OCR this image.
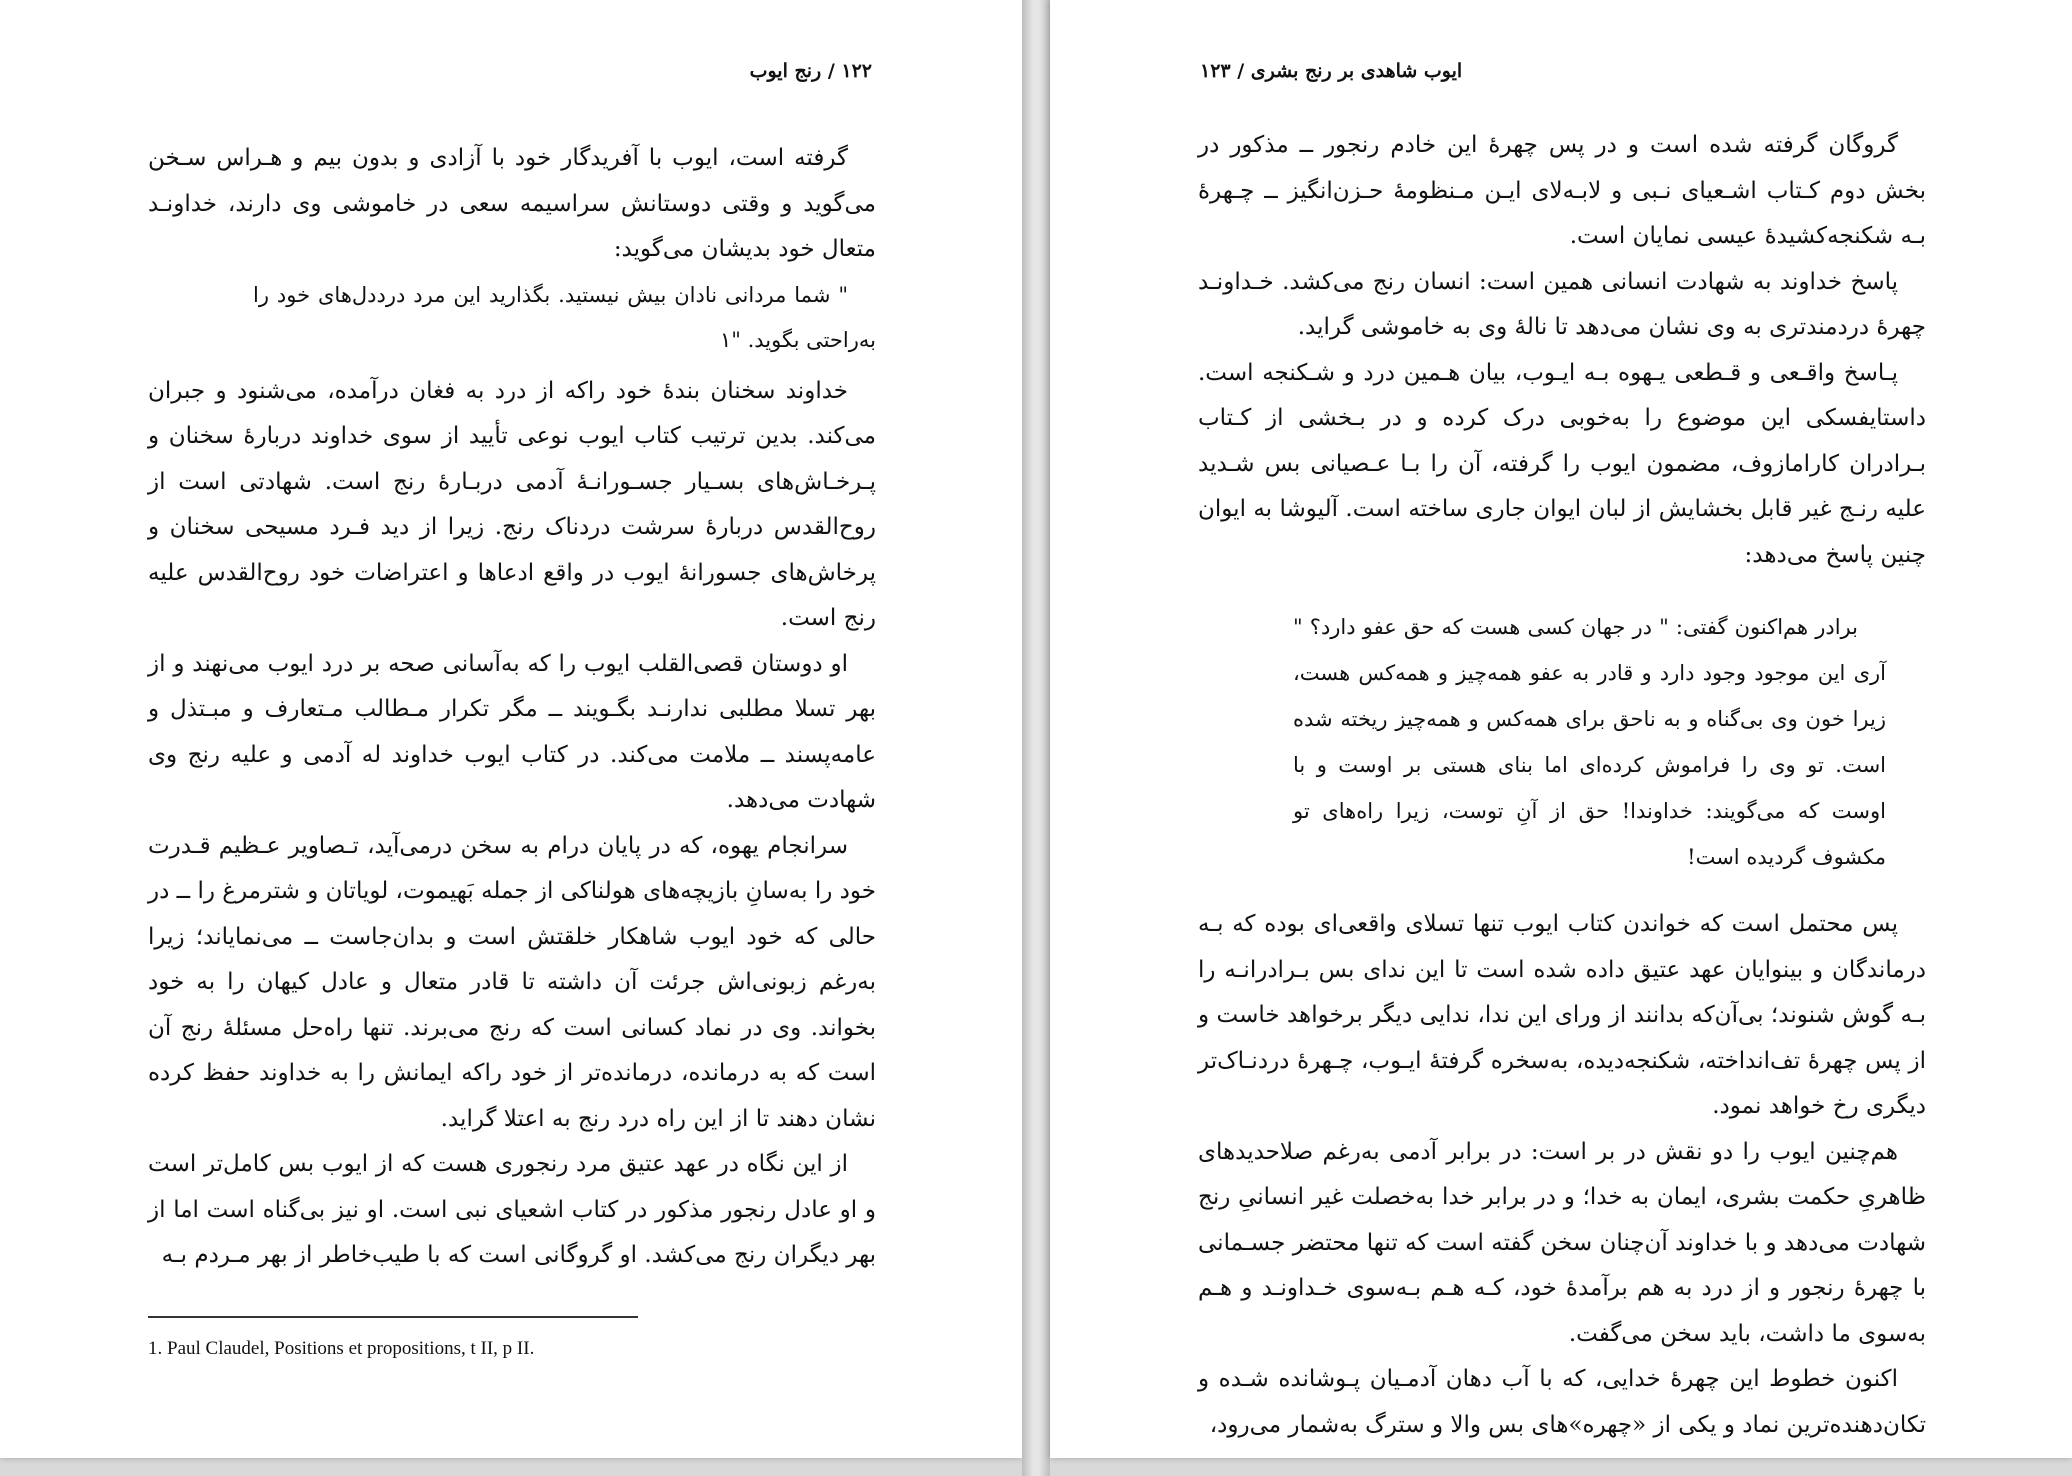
۱۲۲ / رنج ایوب

گرفته است، ایوب با آفریدگار خود با آزادی و بدون بیم و هـراس سـخن می‌گوید و وقتی دوستانش سراسیمه سعی در خاموشی وی دارند، خداونـد متعال خود بدیشان می‌گوید:

" شما مردانی نادان بیش نیستید. بگذارید این مرد درددل‌های خود را به‌راحتی بگوید. "۱

خداوند سخنان بندهٔ خود راکه از درد به فغان درآمده، می‌شنود و جبران می‌کند. بدین ترتیب کتاب ایوب نوعی تأیید از سوی خداوند دربارهٔ سخنان و پـرخـاش‌های بسـیار جسـورانـهٔ آدمی دربـارهٔ رنج است. شهادتی است از روح‌القدس دربارهٔ سرشت دردناک رنج. زیرا از دید فـرد مسیحی سخنان و پرخاش‌های جسورانهٔ ایوب در واقع ادعاها و اعتراضات خود روح‌القدس علیه رنج است.

او دوستان قصی‌القلب ایوب را که به‌آسانی صحه بر درد ایوب می‌نهند و از بهر تسلا مطلبی ندارنـد بگـویند ــ مگر تکرار مـطالب مـتعارف و مبـتذل و عامه‌پسند ــ ملامت می‌کند. در کتاب ایوب خداوند له آدمی و علیه رنج وی شهادت می‌دهد.

سرانجام یهوه، که در پایان درام به سخن درمی‌آید، تـصاویر عـظیم قـدرت خود را به‌سانِ بازیچه‌های هولناکی از جمله بَهیموت، لویاتان و شترمرغ را ــ در حالی که خود ایوب شاهکار خلقتش است و بدان‌جاست ــ می‌نمایاند؛ زیرا به‌رغم زبونی‌اش جرئت آن داشته تا قادر متعال و عادل کیهان را به خود بخواند. وی در نماد کسانی است که رنج می‌برند. تنها راه‌حل مسئلهٔ رنج آن است که به درمانده، درمانده‌تر از خود راکه ایمانش را به خداوند حفظ کرده نشان دهند تا از این راه درد رنج به اعتلا گراید.

از این نگاه در عهد عتیق مرد رنجوری هست که از ایوب بس کامل‌تر است و او عادل رنجور مذکور در کتاب اشعیای نبی است. او نیز بی‌گناه است اما از بهر دیگران رنج می‌کشد. او گروگانی است که با طیب‌خاطر از بهر مـردم بـه

1. Paul Claudel, Positions et propositions, t II, p II.
ایوب شاهدی بر رنج بشری / ۱۲۳

گروگان گرفته شده است و در پس چهرهٔ این خادم رنجور ــ مذکور در بخش دوم کـتاب اشـعیای نـبی و لابـه‌لای ایـن مـنظومهٔ حـزن‌انگیز ــ چـهرهٔ بـه شکنجه‌کشیدهٔ عیسی نمایان است.

پاسخ خداوند به شهادت انسانی همین است: انسان رنج می‌کشد. خـداونـد چهرهٔ دردمندتری به وی نشان می‌دهد تا نالهٔ وی به خاموشی گراید.

پـاسخ واقـعی و قـطعی یـهوه بـه ایـوب، بیان هـمین درد و شـکنجه است. داستایفسکی این موضوع را به‌خوبی درک کرده و در بـخشی از کـتاب بـرادران کارامازوف، مضمون ایوب را گرفته، آن را بـا عـصیانی بس شـدید علیه رنـج غیر قابل بخشایش از لبان ایوان جاری ساخته است. آلیوشا به ایوان چنین پاسخ می‌دهد:

برادر هم‌اکنون گفتی: " در جهان کسی هست که حق عفو دارد؟ " آری این موجود وجود دارد و قادر به عفو همه‌چیز و همه‌کس هست، زیرا خون وی بی‌گناه و به ناحق برای همه‌کس و همه‌چیز ریخته شده است. تو وی را فراموش کرده‌ای اما بنای هستی بر اوست و با اوست که می‌گویند: خداوندا! حق از آنِ توست، زیرا راه‌های تو مکشوف گردیده است!

پس محتمل است که خواندن کتاب ایوب تنها تسلای واقعی‌ای بوده که بـه درماندگان و بینوایان عهد عتیق داده شده است تا این ندای بس بـرادرانـه را بـه گوش شنوند؛ بی‌آن‌که بدانند از ورای این ندا، ندایی دیگر برخواهد خاست و از پس چهرهٔ تف‌انداخته، شکنجه‌دیده، به‌سخره گرفتهٔ ایـوب، چـهرهٔ دردنـاک‌تر دیگری رخ خواهد نمود.

هم‌چنین ایوب را دو نقش در بر است: در برابر آدمی به‌رغم صلاحدیدهای ظاهریِ حکمت بشری، ایمان به خدا؛ و در برابر خدا به‌خصلت غیر انسانیِ رنج شهادت می‌دهد و با خداوند آن‌چنان سخن گفته است که تنها محتضر جسـمانی با چهرهٔ رنجور و از درد به هم برآمدهٔ خود، کـه هـم بـه‌سوی خـداونـد و هـم به‌سوی ما داشت، باید سخن می‌گفت.

اکنون خطوط این چهرهٔ خدایی، که با آب دهان آدمـیان پـوشانده شـده و تکان‌دهنده‌ترین نماد و یکی از «چهره»های بس والا و سترگ به‌شمار می‌رود،
